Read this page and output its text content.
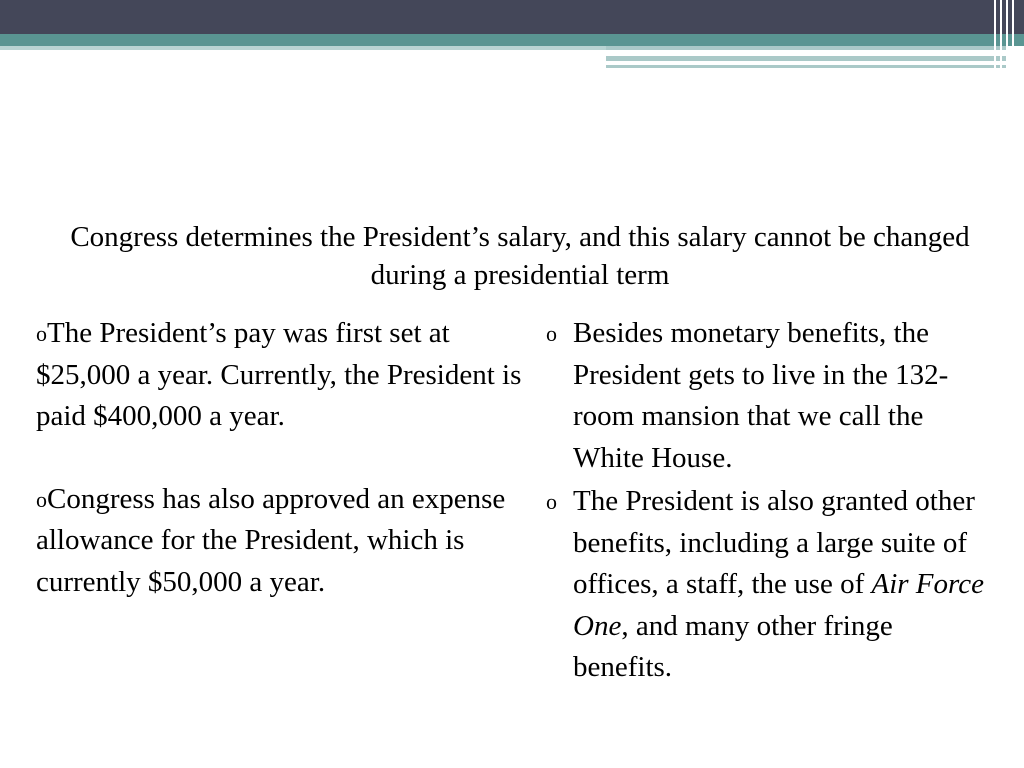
Congress determines the President’s salary, and this salary cannot be changed during a presidential term

oThe President’s pay was first set at $25,000 a year. Currently, the President is paid $400,000 a year.

oCongress has also approved an expense allowance for the President, which is currently $50,000 a year.

o Besides monetary benefits, the President gets to live in the 132-room mansion that we call the White House.
o The President is also granted other benefits, including a large suite of offices, a staff, the use of Air Force One, and many other fringe benefits.
